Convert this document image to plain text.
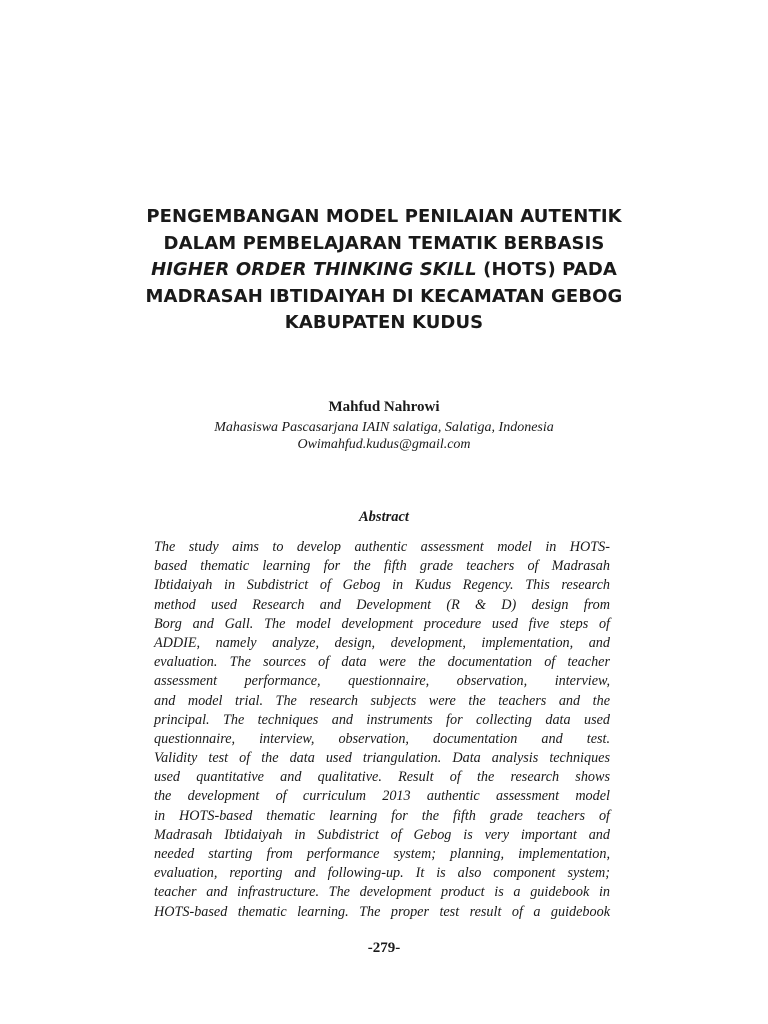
PENGEMBANGAN MODEL PENILAIAN AUTENTIK
DALAM PEMBELAJARAN TEMATIK BERBASIS
HIGHER ORDER THINKING SKILL (HOTS) PADA
MADRASAH IBTIDAIYAH DI KECAMATAN GEBOG
KABUPATEN KUDUS
Mahfud Nahrowi
Mahasiswa Pascasarjana IAIN salatiga, Salatiga, Indonesia
Owimahfud.kudus@gmail.com
Abstract
The study aims to develop authentic assessment model in HOTS-
based thematic learning for the fifth grade teachers of Madrasah
Ibtidaiyah in Subdistrict of Gebog in Kudus Regency. This research
method used Research and Development (R & D) design from
Borg and Gall. The model development procedure used five steps of
ADDIE, namely analyze, design, development, implementation, and
evaluation. The sources of data were the documentation of teacher
assessment performance, questionnaire, observation, interview,
and model trial. The research subjects were the teachers and the
principal. The techniques and instruments for collecting data used
questionnaire, interview, observation, documentation and test.
Validity test of the data used triangulation. Data analysis techniques
used quantitative and qualitative. Result of the research shows
the development of curriculum 2013 authentic assessment model
in HOTS-based thematic learning for the fifth grade teachers of
Madrasah Ibtidaiyah in Subdistrict of Gebog is very important and
needed starting from performance system; planning, implementation,
evaluation, reporting and following-up. It is also component system;
teacher and infrastructure. The development product is a guidebook in
HOTS-based thematic learning. The proper test result of a guidebook
-279-
